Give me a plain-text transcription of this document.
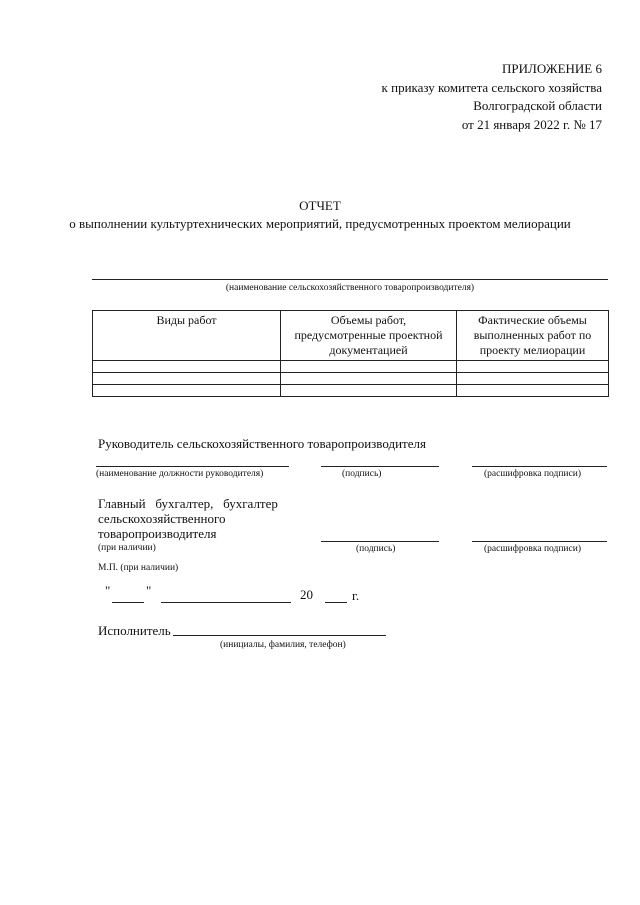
ПРИЛОЖЕНИЕ 6
к приказу комитета сельского хозяйства
Волгоградской области
от 21 января 2022 г. № 17
ОТЧЕТ
о выполнении культуртехнических мероприятий, предусмотренных проектом мелиорации
(наименование сельскохозяйственного товаропроизводителя)
Виды работ	Объемы работ, предусмотренные проектной документацией	Фактические объемы выполненных работ по проекту мелиорации

Руководитель сельскохозяйственного товаропроизводителя
(наименование должности руководителя)	(подпись)	(расшифровка подписи)
Главный   бухгалтер,   бухгалтер
сельскохозяйственного
товаропроизводителя
(при наличии)	(подпись)	(расшифровка подписи)
М.П. (при наличии)
"	"	20	г.
Исполнитель
(инициалы, фамилия, телефон)
